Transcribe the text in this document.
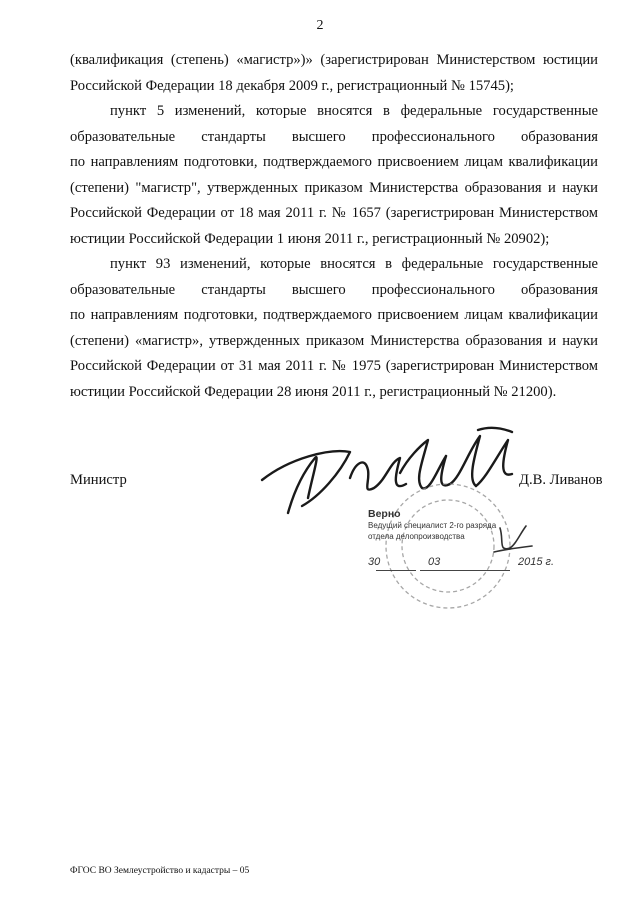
2

(квалификация (степень) «магистр»)» (зарегистрирован Министерством юстиции
Российской Федерации 18 декабря 2009 г., регистрационный № 15745);

пункт 5 изменений, которые вносятся в федеральные государственные
образовательные стандарты высшего профессионального образования
по направлениям подготовки, подтверждаемого присвоением лицам квалификации
(степени) "магистр", утвержденных приказом Министерства образования и науки
Российской Федерации от 18 мая 2011 г. № 1657 (зарегистрирован Министерством
юстиции Российской Федерации 1 июня 2011 г., регистрационный № 20902);

пункт 93 изменений, которые вносятся в федеральные государственные
образовательные стандарты высшего профессионального образования
по направлениям подготовки, подтверждаемого присвоением лицам квалификации
(степени) «магистр», утвержденных приказом Министерства образования и науки
Российской Федерации от 31 мая 2011 г. № 1975 (зарегистрирован Министерством
юстиции Российской Федерации 28 июня 2011 г., регистрационный № 21200).

Министр	Д.В. Ливанов
Верно
Ведущий специалист 2-го разряда
отдела делопроизводства
30	03	2015 г.
ФГОС ВО Землеустройство и кадастры – 05
